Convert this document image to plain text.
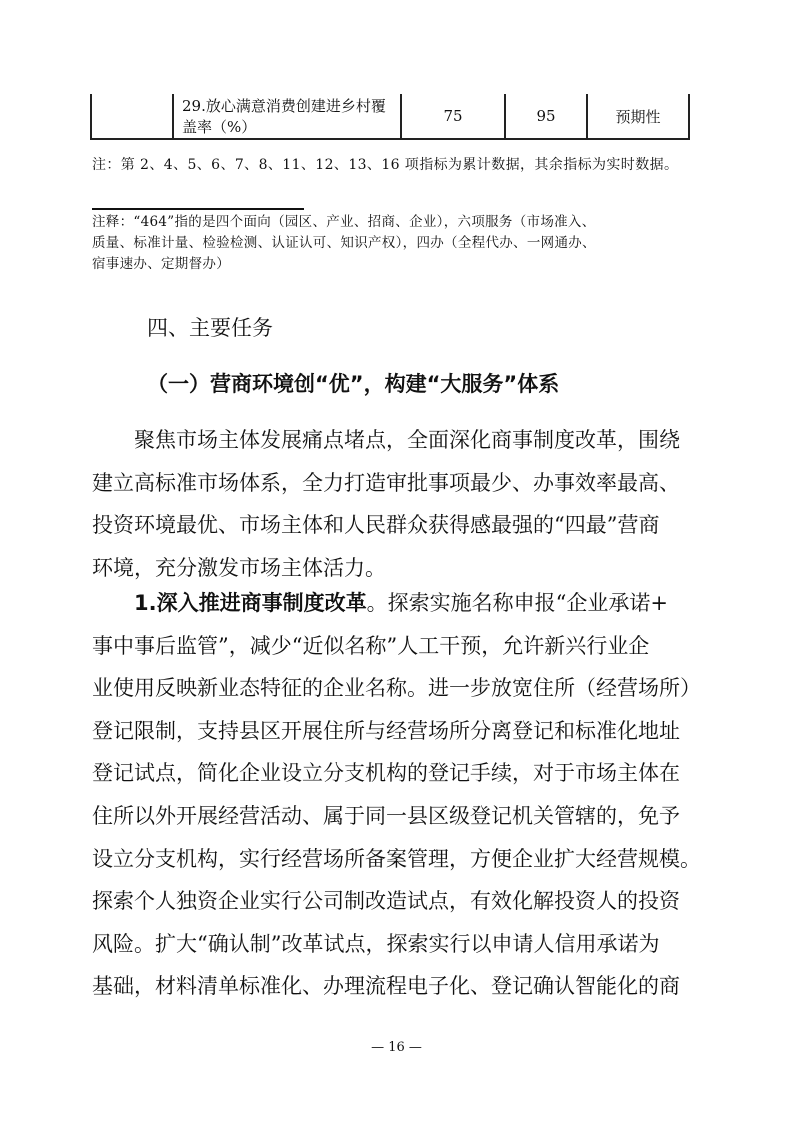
	29.放心满意消费创建进乡村覆盖率（%）	75	95	预期性
注：第 2、4、5、6、7、8、11、12、13、16 项指标为累计数据，其余指标为实时数据。

注释：“464”指的是四个面向（园区、产业、招商、企业），六项服务（市场准入、

质量、标准计量、检验检测、认证认可、知识产权），四办（全程代办、一网通办、

宿事速办、定期督办）

四、主要任务
（一）营商环境创“优”，构建“大服务”体系

聚焦市场主体发展痛点堵点，全面深化商事制度改革，围绕

建立高标准市场体系，全力打造审批事项最少、办事效率最高、

投资环境最优、市场主体和人民群众获得感最强的“四最”营商

环境，充分激发市场主体活力。

1.深入推进商事制度改革。探索实施名称申报“企业承诺+

事中事后监管”，减少“近似名称”人工干预，允许新兴行业企

业使用反映新业态特征的企业名称。进一步放宽住所（经营场所）

登记限制，支持县区开展住所与经营场所分离登记和标准化地址

登记试点，简化企业设立分支机构的登记手续，对于市场主体在

住所以外开展经营活动、属于同一县区级登记机关管辖的，免予

设立分支机构，实行经营场所备案管理，方便企业扩大经营规模。

探索个人独资企业实行公司制改造试点，有效化解投资人的投资

风险。扩大“确认制”改革试点，探索实行以申请人信用承诺为

基础，材料清单标准化、办理流程电子化、登记确认智能化的商

— 16 —
